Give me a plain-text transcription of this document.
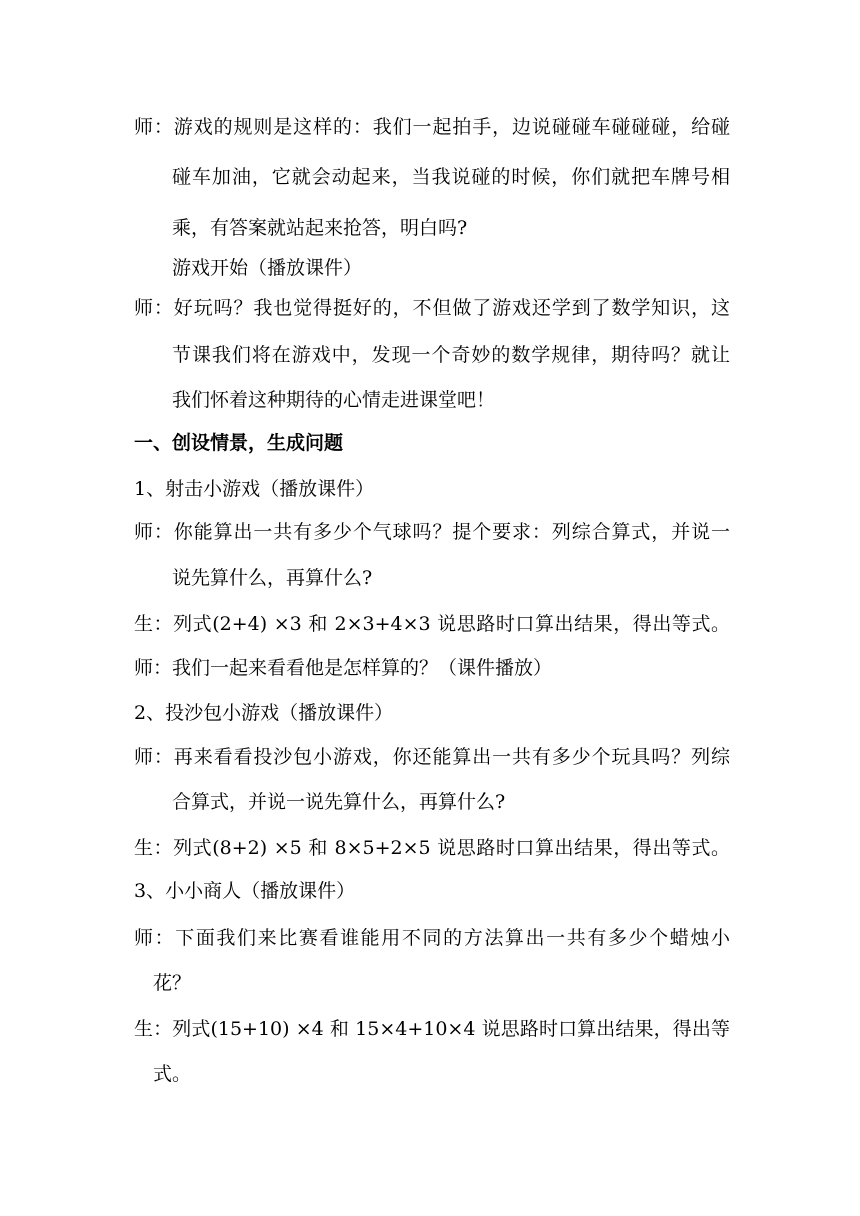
师：游戏的规则是这样的：我们一起拍手，边说碰碰车碰碰碰，给碰
碰车加油，它就会动起来，当我说碰的时候，你们就把车牌号相
乘，有答案就站起来抢答，明白吗?
游戏开始（播放课件）
师：好玩吗？我也觉得挺好的，不但做了游戏还学到了数学知识，这
节课我们将在游戏中，发现一个奇妙的数学规律，期待吗？就让
我们怀着这种期待的心情走进课堂吧！
一、创设情景，生成问题
1、射击小游戏（播放课件）
师：你能算出一共有多少个气球吗？提个要求：列综合算式，并说一
说先算什么，再算什么?
生：列式(2+4) ×3 和 2×3+4×3 说思路时口算出结果，得出等式。
师：我们一起来看看他是怎样算的？（课件播放）
2、投沙包小游戏（播放课件）
师：再来看看投沙包小游戏，你还能算出一共有多少个玩具吗？列综
合算式，并说一说先算什么，再算什么?
生：列式(8+2) ×5 和 8×5+2×5 说思路时口算出结果，得出等式。
3、小小商人（播放课件）
师：下面我们来比赛看谁能用不同的方法算出一共有多少个蜡烛小
花？
生：列式(15+10) ×4 和 15×4+10×4 说思路时口算出结果，得出等
式。
